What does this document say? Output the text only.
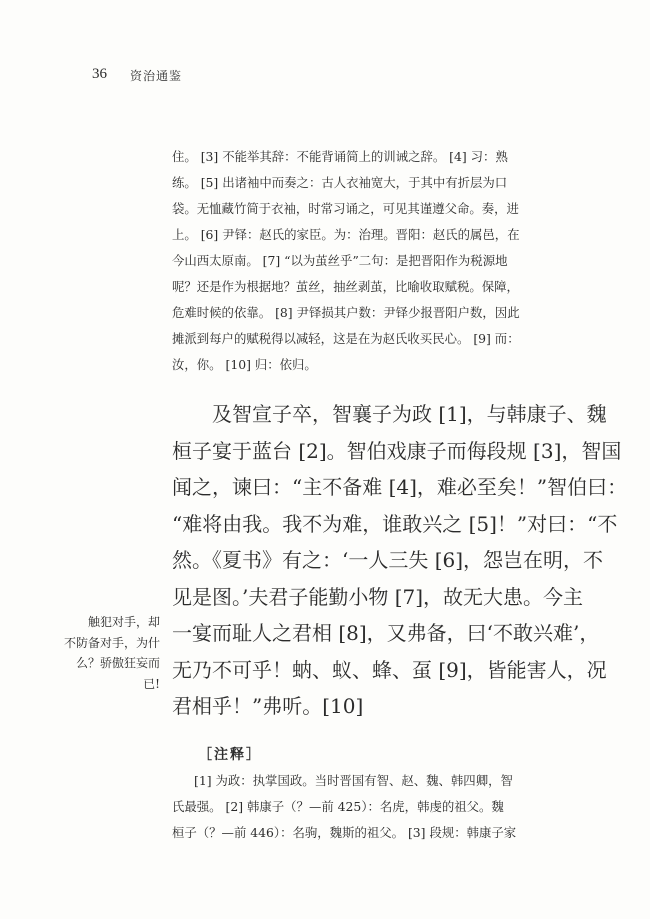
36 资治通鉴
住。 [3] 不能举其辞：不能背诵简上的训诫之辞。 [4] 习：熟
练。 [5] 出诸袖中而奏之：古人衣袖宽大，于其中有折层为口
袋。无恤藏竹简于衣袖，时常习诵之，可见其谨遵父命。奏，进
上。 [6] 尹铎：赵氏的家臣。为：治理。晋阳：赵氏的属邑，在
今山西太原南。 [7] “以为茧丝乎”二句：是把晋阳作为税源地
呢？还是作为根据地？茧丝，抽丝剥茧，比喻收取赋税。保障，
危难时候的依靠。 [8] 尹铎损其户数：尹铎少报晋阳户数，因此
摊派到每户的赋税得以减轻，这是在为赵氏收买民心。 [9] 而：
汝，你。 [10] 归：依归。
及智宣子卒，智襄子为政 [1]，与韩康子、魏
桓子宴于蓝台 [2]。智伯戏康子而侮段规 [3]，智国
闻之，谏曰：“主不备难 [4]，难必至矣！”智伯曰：
“难将由我。我不为难，谁敢兴之 [5]！”对曰：“不
然。《夏书》有之：‘一人三失 [6]，怨岂在明，不
见是图。’夫君子能勤小物 [7]，故无大患。今主
一宴而耻人之君相 [8]，又弗备，曰‘不敢兴难’，
无乃不可乎！蚋、蚁、蜂、虿 [9]，皆能害人，况
君相乎！”弗听。[10]
触犯对手，却
不防备对手，为什
么？骄傲狂妄而
已!
［注释］
[1] 为政：执掌国政。当时晋国有智、赵、魏、韩四卿，智
氏最强。 [2] 韩康子（？—前 425）：名虎，韩虔的祖父。魏
桓子（？—前 446）：名驹，魏斯的祖父。 [3] 段规：韩康子家
